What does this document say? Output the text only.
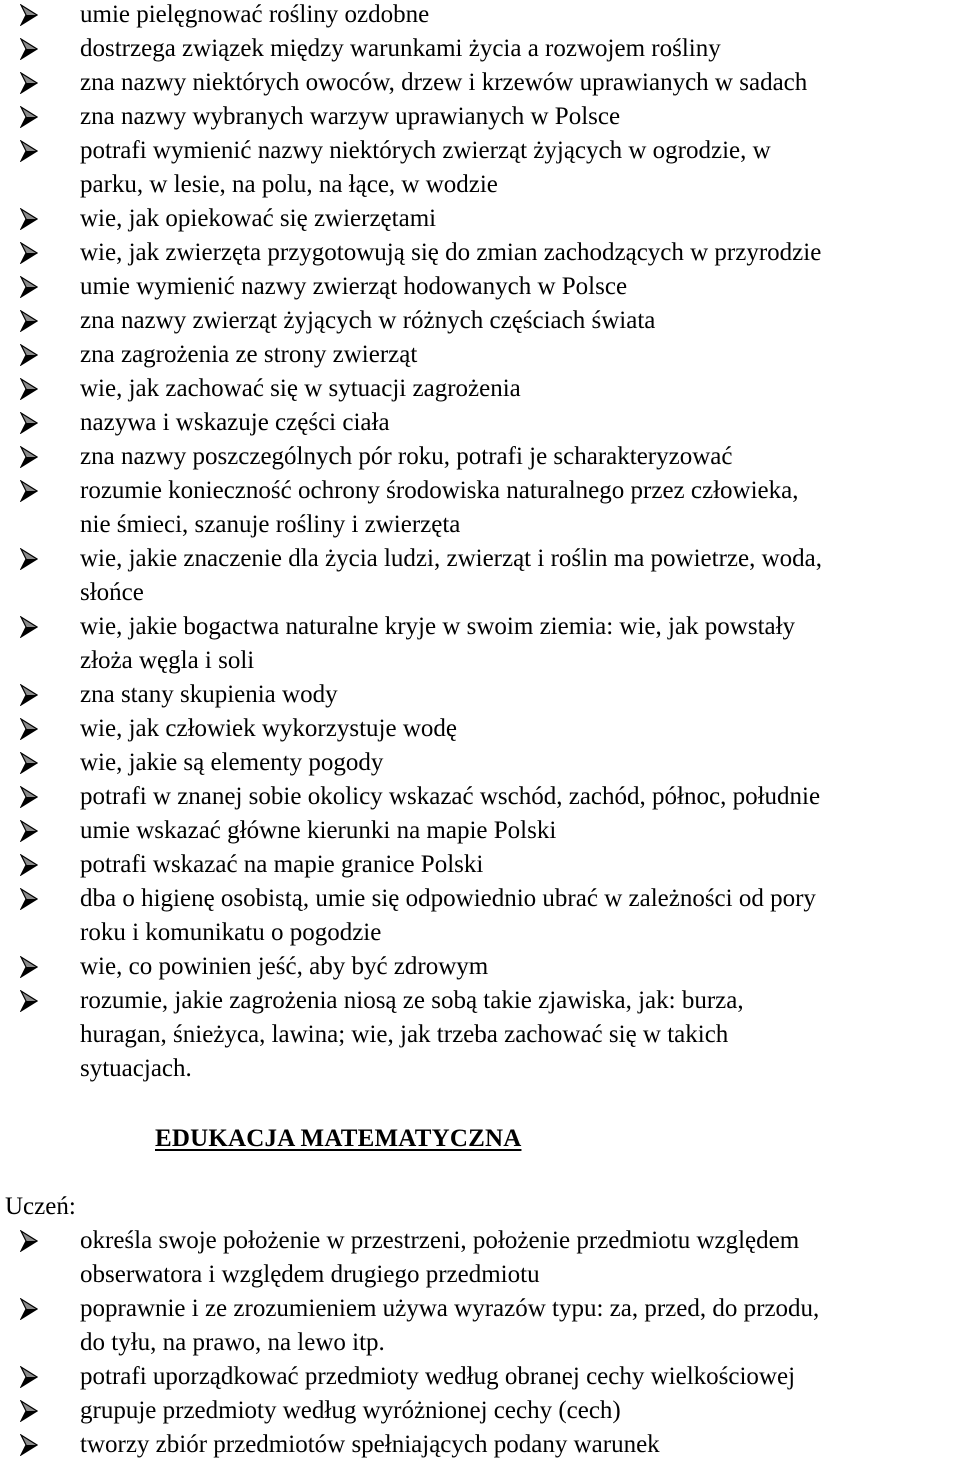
umie pielęgnować rośliny ozdobne
dostrzega związek między warunkami życia a rozwojem rośliny
zna nazwy niektórych owoców, drzew i krzewów uprawianych w sadach
zna nazwy wybranych warzyw uprawianych w Polsce
potrafi wymienić nazwy niektórych zwierząt żyjących w ogrodzie, w
parku, w lesie, na polu, na łące, w wodzie
wie, jak opiekować się zwierzętami
wie, jak zwierzęta przygotowują się do zmian zachodzących w przyrodzie
umie wymienić nazwy zwierząt hodowanych w Polsce
zna nazwy zwierząt żyjących w różnych częściach świata
zna zagrożenia ze strony zwierząt
wie, jak zachować się w sytuacji zagrożenia
nazywa i wskazuje części ciała
zna nazwy poszczególnych pór roku, potrafi je scharakteryzować
rozumie konieczność ochrony środowiska naturalnego przez człowieka,
nie śmieci, szanuje rośliny i zwierzęta
wie, jakie znaczenie dla życia ludzi, zwierząt i roślin ma powietrze, woda,
słońce
wie, jakie bogactwa naturalne kryje w swoim ziemia: wie, jak powstały
złoża węgla i soli
zna stany skupienia wody
wie, jak człowiek wykorzystuje wodę
wie, jakie są elementy pogody
potrafi w znanej sobie okolicy wskazać wschód, zachód, północ, południe
umie wskazać główne kierunki na mapie Polski
potrafi wskazać na mapie granice Polski
dba o higienę osobistą, umie się odpowiednio ubrać w zależności od pory
roku i komunikatu o pogodzie
wie, co powinien jeść, aby być zdrowym
rozumie, jakie zagrożenia niosą ze sobą takie zjawiska, jak: burza,
huragan, śnieżyca, lawina; wie, jak trzeba zachować się w takich
sytuacjach.
EDUKACJA MATEMATYCZNA
Uczeń:
określa swoje położenie w przestrzeni, położenie przedmiotu względem
obserwatora i względem drugiego przedmiotu
poprawnie i ze zrozumieniem używa wyrazów typu: za, przed, do przodu,
do tyłu, na prawo, na lewo itp.
potrafi uporządkować przedmioty według obranej cechy wielkościowej
grupuje przedmioty według wyróżnionej cechy (cech)
tworzy zbiór przedmiotów spełniających podany warunek
